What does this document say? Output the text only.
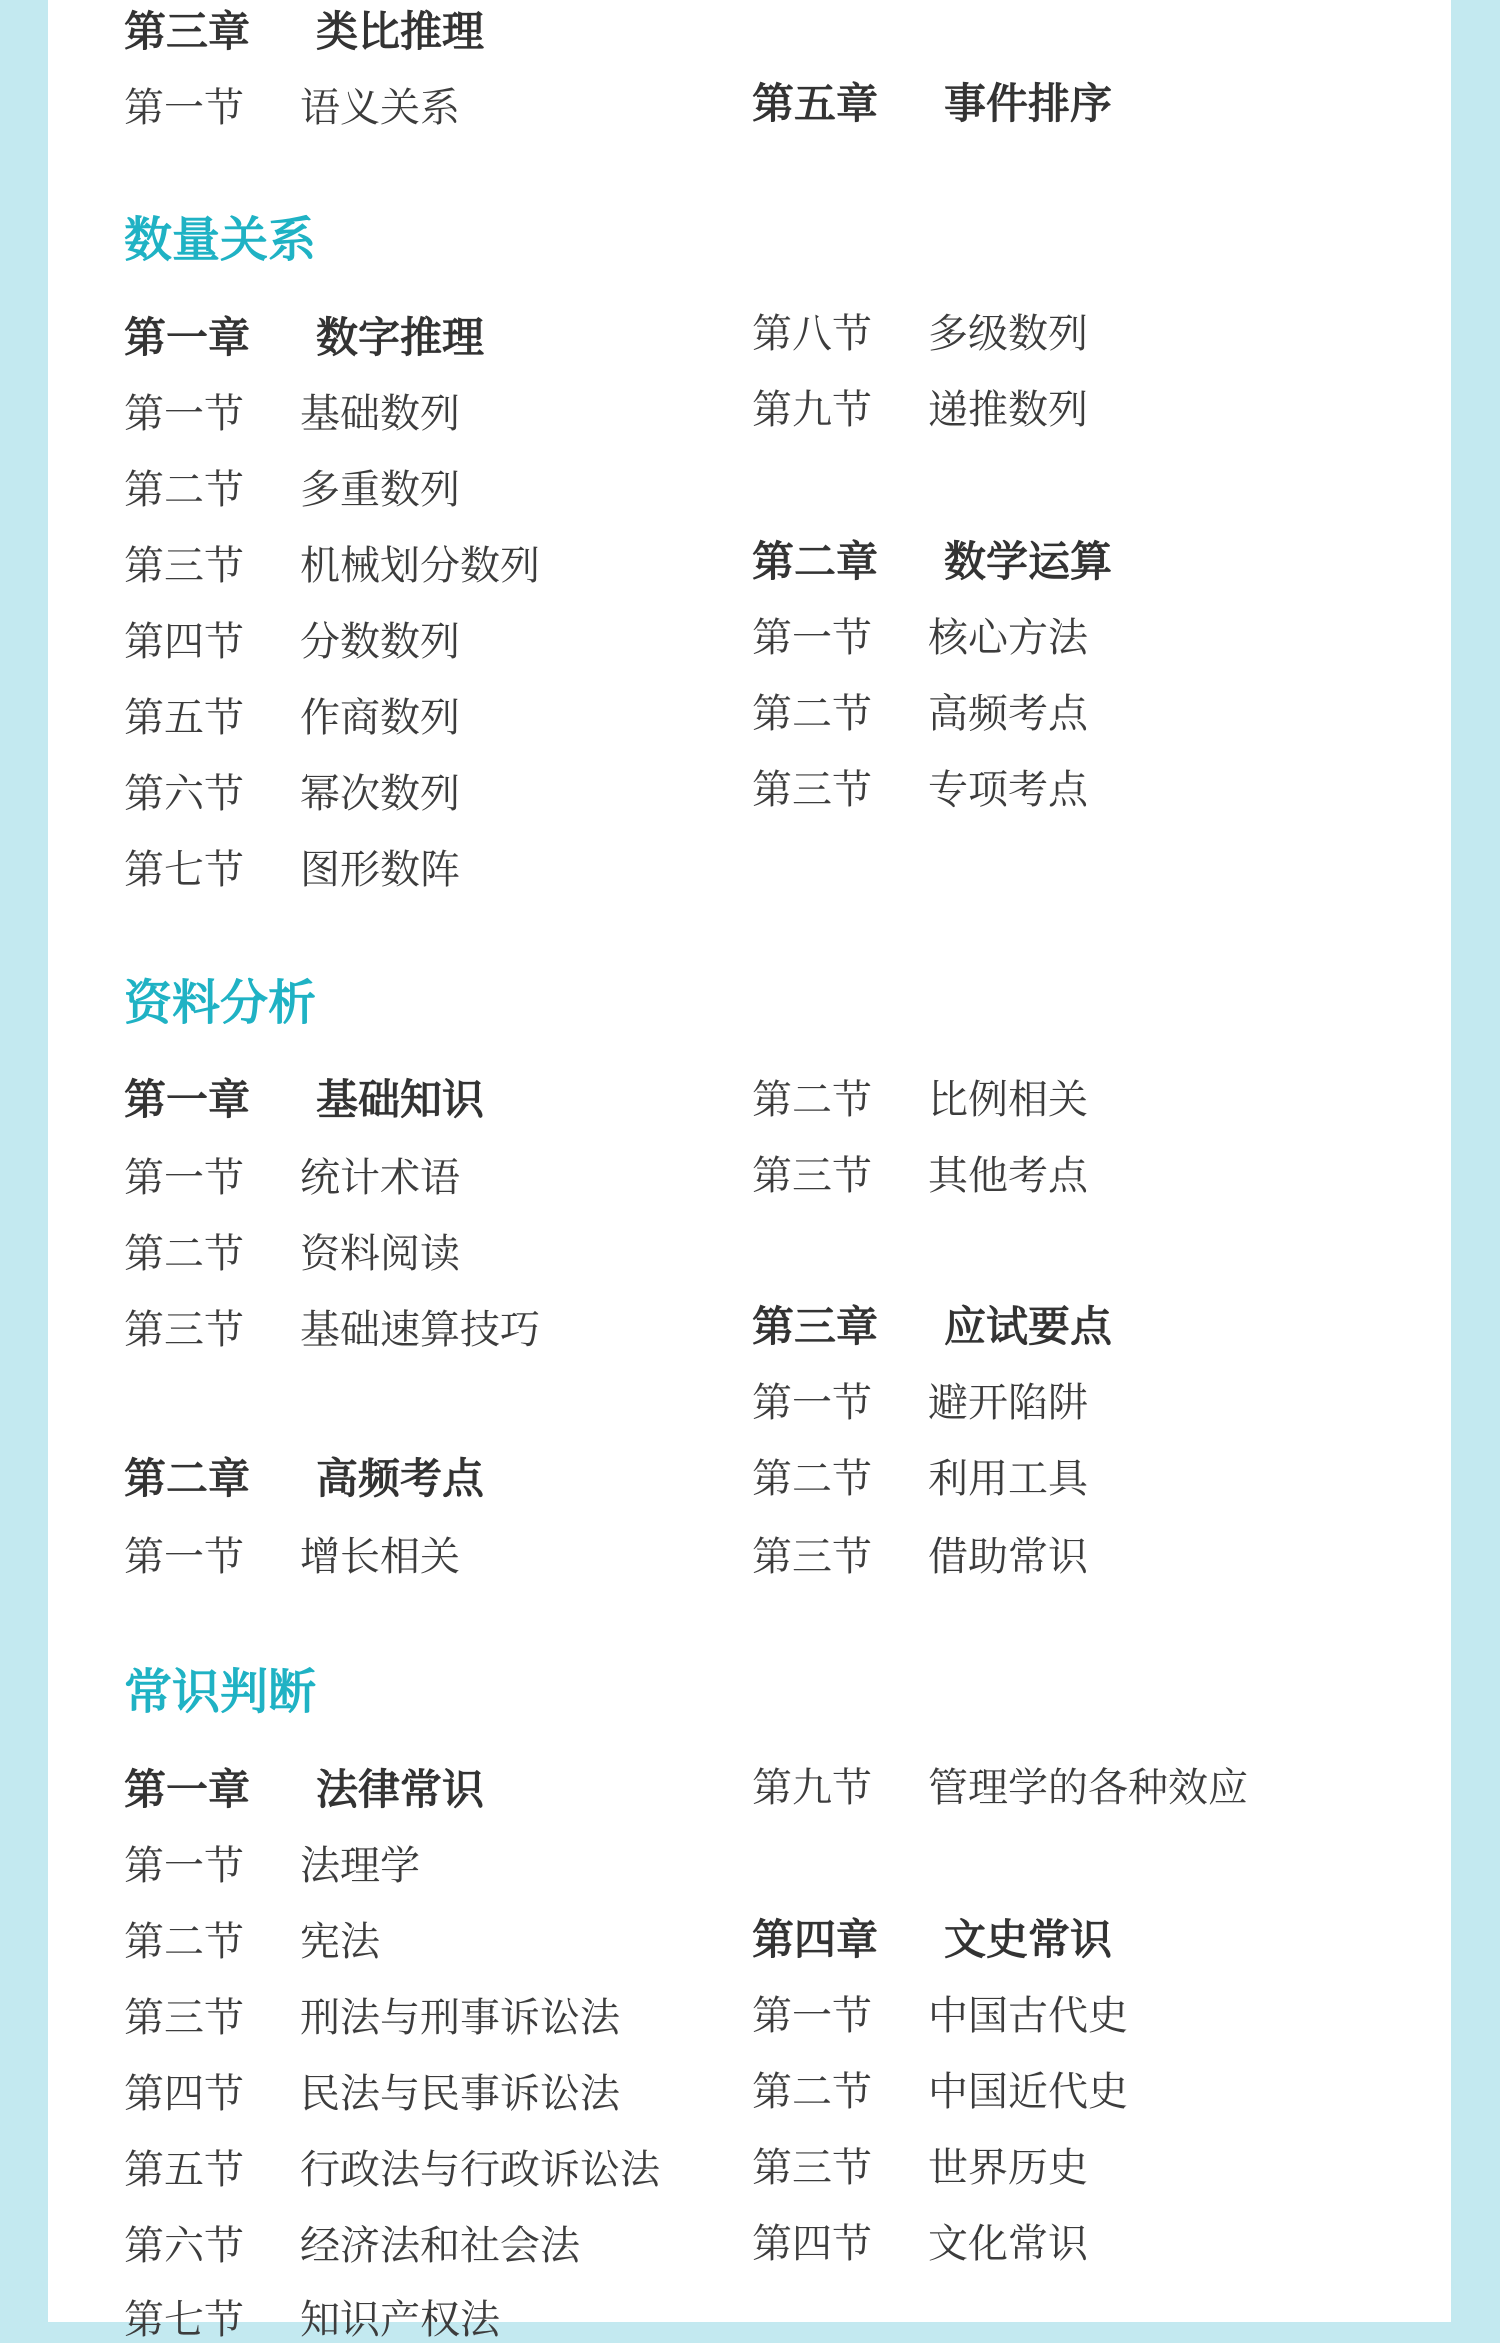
第三章 类比推理
第一节 语义关系	第五章 事件排序
数量关系
第一章 数字推理
第一节 基础数列
第二节 多重数列
第三节 机械划分数列
第四节 分数数列
第五节 作商数列
第六节 幂次数列
第七节 图形数阵
第八节 多级数列
第九节 递推数列
第二章 数学运算
第一节 核心方法
第二节 高频考点
第三节 专项考点
资料分析
第一章 基础知识
第一节 统计术语
第二节 资料阅读
第三节 基础速算技巧
第二章 高频考点
第一节 增长相关
第二节 比例相关
第三节 其他考点
第三章 应试要点
第一节 避开陷阱
第二节 利用工具
第三节 借助常识
常识判断
第一章 法律常识
第一节 法理学
第二节 宪法
第三节 刑法与刑事诉讼法
第四节 民法与民事诉讼法
第五节 行政法与行政诉讼法
第六节 经济法和社会法
第七节 知识产权法
第九节 管理学的各种效应
第四章 文史常识
第一节 中国古代史
第二节 中国近代史
第三节 世界历史
第四节 文化常识
